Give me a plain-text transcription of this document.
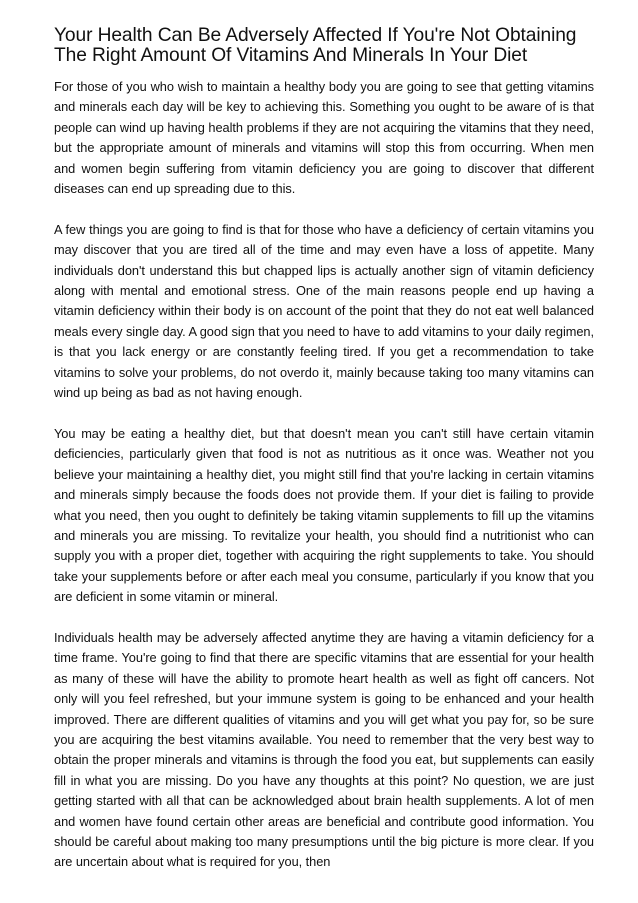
Your Health Can Be Adversely Affected If You're Not Obtaining The Right Amount Of Vitamins And Minerals In Your Diet

For those of you who wish to maintain a healthy body you are going to see that getting vitamins and minerals each day will be key to achieving this. Something you ought to be aware of is that people can wind up having health problems if they are not acquiring the vitamins that they need, but the appropriate amount of minerals and vitamins will stop this from occurring. When men and women begin suffering from vitamin deficiency you are going to discover that different diseases can end up spreading due to this.

A few things you are going to find is that for those who have a deficiency of certain vitamins you may discover that you are tired all of the time and may even have a loss of appetite. Many individuals don't understand this but chapped lips is actually another sign of vitamin deficiency along with mental and emotional stress. One of the main reasons people end up having a vitamin deficiency within their body is on account of the point that they do not eat well balanced meals every single day. A good sign that you need to have to add vitamins to your daily regimen, is that you lack energy or are constantly feeling tired. If you get a recommendation to take vitamins to solve your problems, do not overdo it, mainly because taking too many vitamins can wind up being as bad as not having enough.

You may be eating a healthy diet, but that doesn't mean you can't still have certain vitamin deficiencies, particularly given that food is not as nutritious as it once was. Weather not you believe your maintaining a healthy diet, you might still find that you're lacking in certain vitamins and minerals simply because the foods does not provide them. If your diet is failing to provide what you need, then you ought to definitely be taking vitamin supplements to fill up the vitamins and minerals you are missing. To revitalize your health, you should find a nutritionist who can supply you with a proper diet, together with acquiring the right supplements to take. You should take your supplements before or after each meal you consume, particularly if you know that you are deficient in some vitamin or mineral.

Individuals health may be adversely affected anytime they are having a vitamin deficiency for a time frame. You're going to find that there are specific vitamins that are essential for your health as many of these will have the ability to promote heart health as well as fight off cancers. Not only will you feel refreshed, but your immune system is going to be enhanced and your health improved. There are different qualities of vitamins and you will get what you pay for, so be sure you are acquiring the best vitamins available. You need to remember that the very best way to obtain the proper minerals and vitamins is through the food you eat, but supplements can easily fill in what you are missing. Do you have any thoughts at this point? No question, we are just getting started with all that can be acknowledged about brain health supplements. A lot of men and women have found certain other areas are beneficial and contribute good information. You should be careful about making too many presumptions until the big picture is more clear. If you are uncertain about what is required for you, then
